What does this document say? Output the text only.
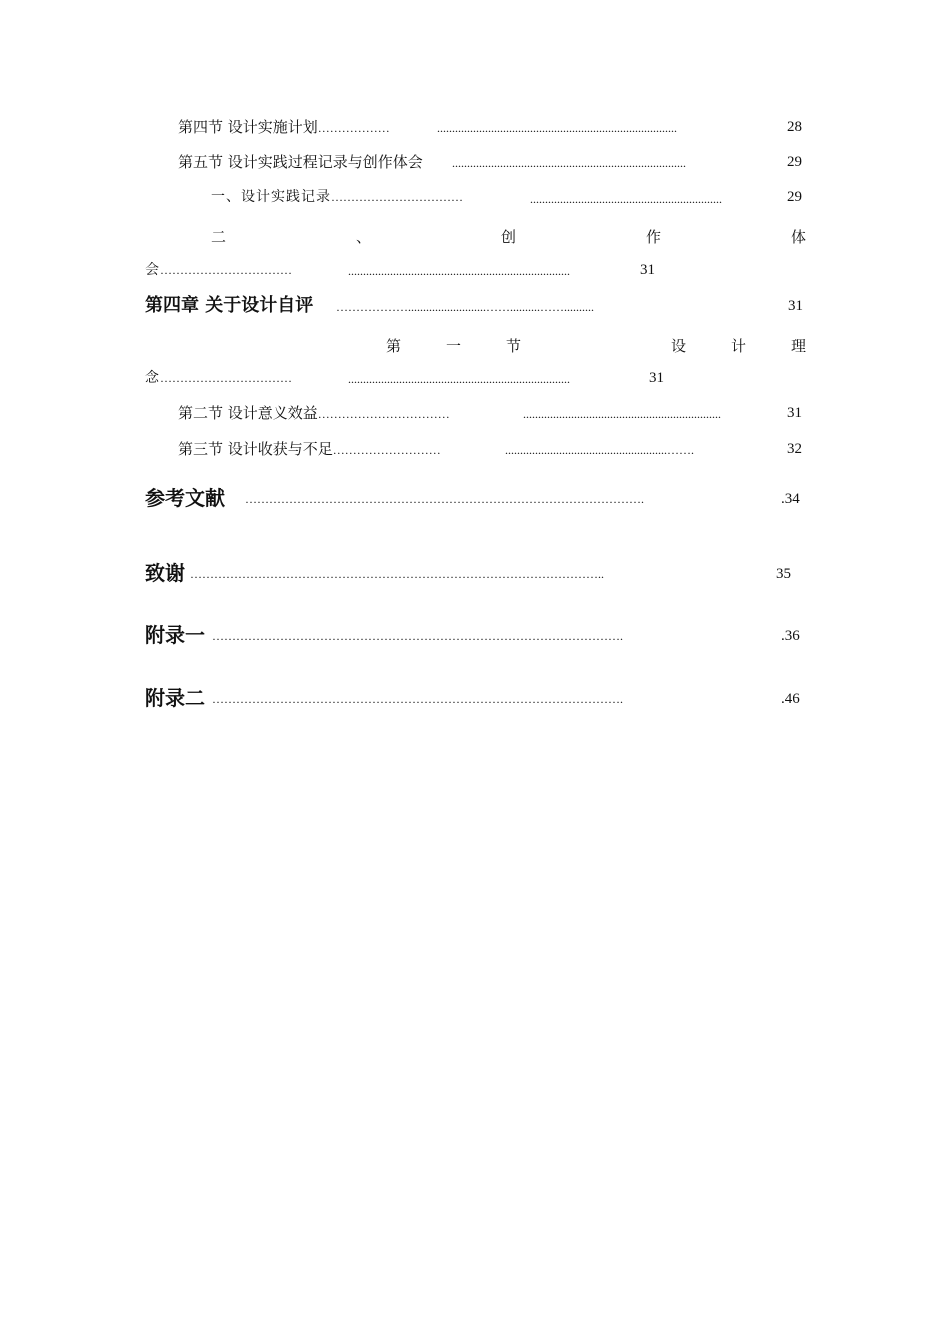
第四节 设计实施计划………………	................................................................................	28
第五节 设计实践过程记录与创作体会 ..............................................................................	29
一、设计实践记录……………………………	................................................................	29
二	、	创	作	体
会……………………………	..........................................................................	31
第四章 关于设计自评 ………………..........................……..........……..........	31
第	一	节	设	计	理
念……………………………	..........................................................................	31
第二节 设计意义效益……………………………	..................................................................	31
第三节 设计收获与不足………………………	......................................................…….	32
参考文献 ……………………………………………………………………………………….	.34
致谢 …………………………………………………………………………………………..	35
附录一 ………………………………………………………………………………………….	.36
附录二 ………………………………………………………………………………………….	.46
